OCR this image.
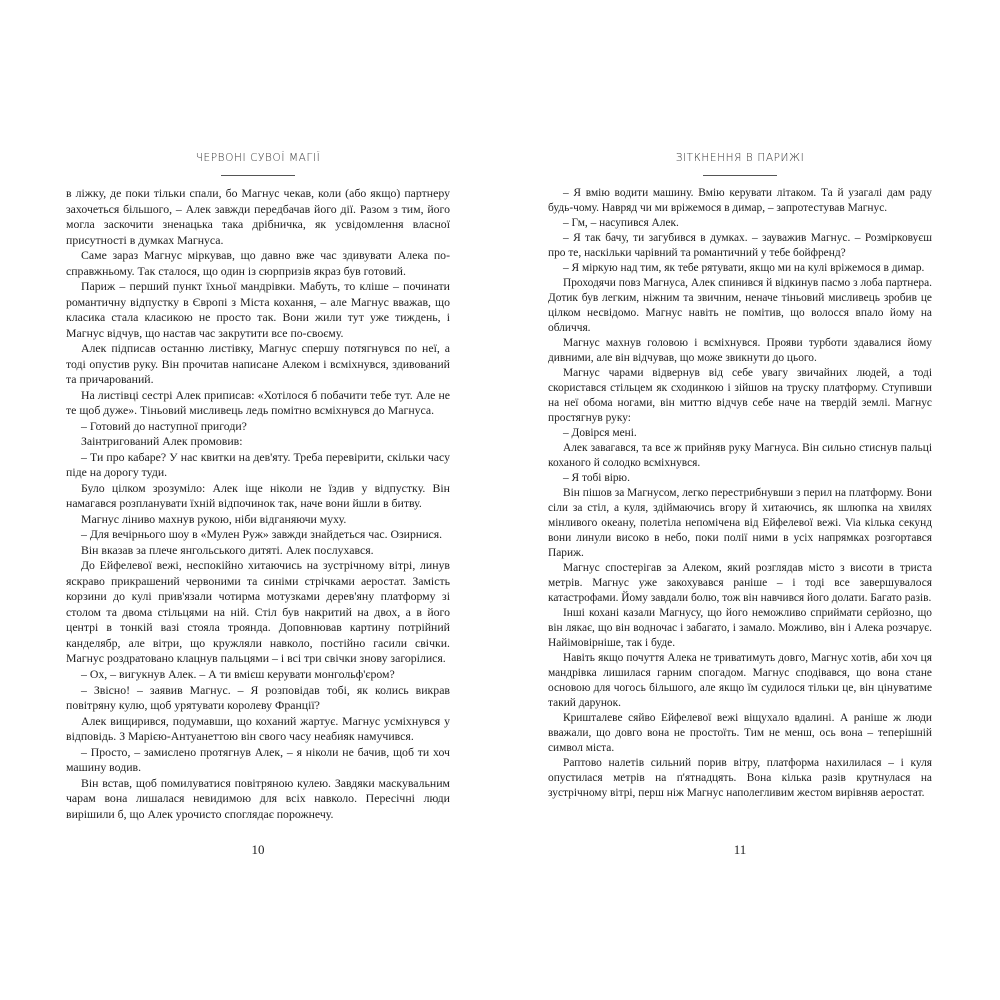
ЧЕРВОНІ СУВОЇ МАГІЇ

в ліжку, де поки тільки спали, бо Магнус чекав, коли (або якщо) партнеру захочеться більшого, – Алек завжди передбачав його дії. Разом з тим, його могла заскочити зненацька така дрібничка, як усвідомлення власної присутності в думках Магнуса.

Саме зараз Магнус міркував, що давно вже час здивувати Алека по-справжньому. Так сталося, що один із сюрпризів якраз був готовий.

Париж – перший пункт їхньої мандрівки. Мабуть, то кліше – починати романтичну відпустку в Європі з Міста кохання, – але Магнус вважав, що класика стала класикою не просто так. Вони жили тут уже тиждень, і Магнус відчув, що настав час закрутити все по-своєму.

Алек підписав останню листівку, Магнус спершу потягнувся по неї, а тоді опустив руку. Він прочитав написане Алеком і всміхнувся, здивований та причарований.

На листівці сестрі Алек приписав: «Хотілося б побачити тебе тут. Але не те щоб дуже». Тіньовий мисливець ледь помітно всміхнувся до Магнуса.

– Готовий до наступної пригоди?

Заінтригований Алек промовив:

– Ти про кабаре? У нас квитки на дев'яту. Треба перевірити, скільки часу піде на дорогу туди.

Було цілком зрозуміло: Алек іще ніколи не їздив у відпустку. Він намагався розпланувати їхній відпочинок так, наче вони йшли в битву.

Магнус ліниво махнув рукою, ніби відганяючи муху.

– Для вечірнього шоу в «Мулен Руж» завжди знайдеться час. Озирнися.

Він вказав за плече янгольського дитяті. Алек послухався.

До Ейфелевої вежі, неспокійно хитаючись на зустрічному вітрі, линув яскраво прикрашений червоними та синіми стрічками аеростат. Замість корзини до кулі прив'язали чотирма мотузками дерев'яну платформу зі столом та двома стільцями на ній. Стіл був накритий на двох, а в його центрі в тонкій вазі стояла троянда. Доповнював картину потрійний канделябр, але вітри, що кружляли навколо, постійно гасили свічки. Магнус роздратовано клацнув пальцями – і всі три свічки знову загорілися.

– Ох, – вигукнув Алек. – А ти вмієш керувати монгольф'єром?

– Звісно! – заявив Магнус. – Я розповідав тобі, як колись викрав повітряну кулю, щоб урятувати королеву Франції?

Алек вищирився, подумавши, що коханий жартує. Магнус усміхнувся у відповідь. З Марією-Антуанеттою він свого часу неабияк намучився.

– Просто, – замислено протягнув Алек, – я ніколи не бачив, щоб ти хоч машину водив.

Він встав, щоб помилуватися повітряною кулею. Завдяки маскувальним чарам вона лишалася невидимою для всіх навколо. Пересічні люди вирішили б, що Алек урочисто споглядає порожнечу.

10
ЗІТКНЕННЯ В ПАРИЖІ

– Я вмію водити машину. Вмію керувати літаком. Та й узагалі дам раду будь-чому. Навряд чи ми вріжемося в димар, – запротестував Магнус.

– Гм, – насупився Алек.

– Я так бачу, ти загубився в думках. – зауважив Магнус. – Розмірковуєш про те, наскільки чарівний та романтичний у тебе бойфренд?

– Я міркую над тим, як тебе рятувати, якщо ми на кулі вріжемося в димар.

Проходячи повз Магнуса, Алек спинився й відкинув пасмо з лоба партнера. Дотик був легким, ніжним та звичним, неначе тіньовий мисливець зробив це цілком несвідомо. Магнус навіть не помітив, що волосся впало йому на обличчя.

Магнус махнув головою і всміхнувся. Прояви турботи здавалися йому дивними, але він відчував, що може звикнути до цього.

Магнус чарами відвернув від себе увагу звичайних людей, а тоді скористався стільцем як сходинкою і зійшов на труску платформу. Ступивши на неї обома ногами, він миттю відчув себе наче на твердій землі. Магнус простягнув руку:

– Довірся мені.

Алек завагався, та все ж прийняв руку Магнуса. Він сильно стиснув пальці коханого й солодко всміхнувся.

– Я тобі вірю.

Він пішов за Магнусом, легко перестрибнувши з перил на платформу. Вони сіли за стіл, а куля, здіймаючись вгору й хитаючись, як шлюпка на хвилях мінливого океану, полетіла непомічена від Ейфелевої вежі. Via кілька секунд вони линули високо в небо, поки полії ними в усіх напрямках розгортався Париж.

Магнус спостерігав за Алеком, який розглядав місто з висоти в триста метрів. Магнус уже закохувався раніше – і тоді все завершувалося катастрофами. Йому завдали болю, тож він навчився його долати. Багато разів.

Інші кохані казали Магнусу, що його неможливо сприймати серйозно, що він лякає, що він водночас і забагато, і замало. Можливо, він і Алека розчарує. Найімовірніше, так і буде.

Навіть якщо почуття Алека не триватимуть довго, Магнус хотів, аби хоч ця мандрівка лишилася гарним спогадом. Магнус сподівався, що вона стане основою для чогось більшого, але якщо їм судилося тільки це, він цінуватиме такий дарунок.

Кришталеве сяйво Ейфелевої вежі віщухало вдалині. А раніше ж люди вважали, що довго вона не простоїть. Тим не менш, ось вона – теперішній символ міста.

Раптово налетів сильний порив вітру, платформа нахилилася – і куля опустилася метрів на п'ятнадцять. Вона кілька разів крутнулася на зустрічному вітрі, перш ніж Магнус наполегливим жестом вирівняв аеростат.

11
